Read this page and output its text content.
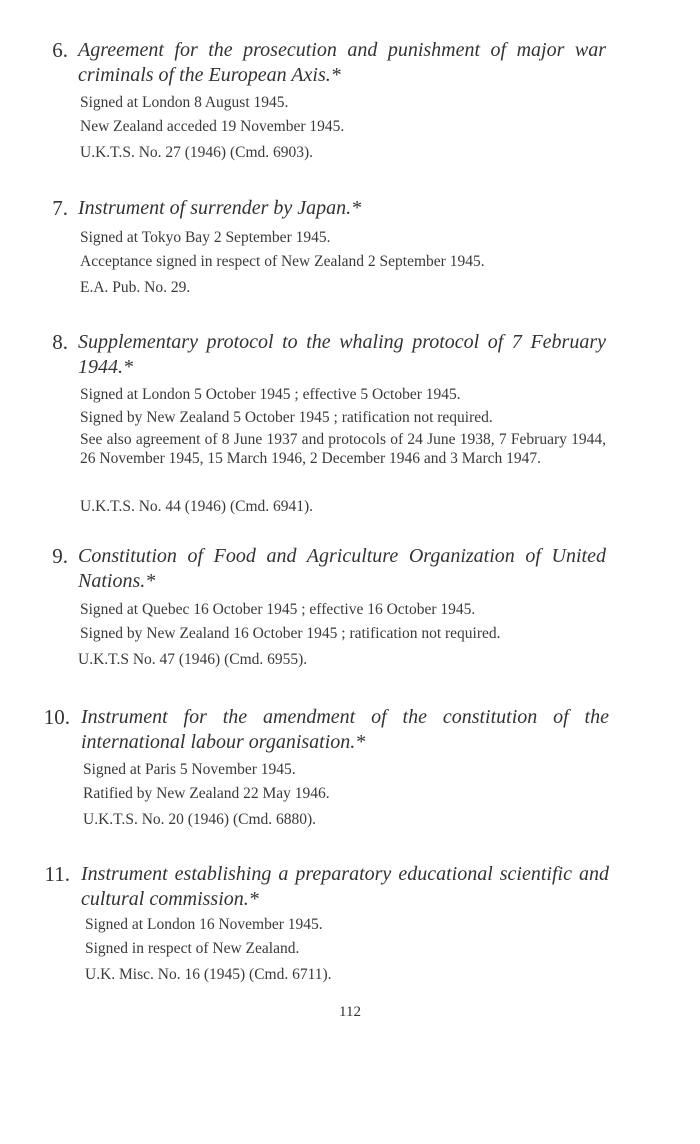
6. Agreement for the prosecution and punishment of major war criminals of the European Axis.*
Signed at London 8 August 1945.
New Zealand acceded 19 November 1945.
U.K.T.S. No. 27 (1946) (Cmd. 6903).
7. Instrument of surrender by Japan.*
Signed at Tokyo Bay 2 September 1945.
Acceptance signed in respect of New Zealand 2 September 1945.
E.A. Pub. No. 29.
8. Supplementary protocol to the whaling protocol of 7 February 1944.*
Signed at London 5 October 1945 ; effective 5 October 1945.
Signed by New Zealand 5 October 1945 ; ratification not required.
See also agreement of 8 June 1937 and protocols of 24 June 1938, 7 February 1944, 26 November 1945, 15 March 1946, 2 December 1946 and 3 March 1947.
U.K.T.S. No. 44 (1946) (Cmd. 6941).
9. Constitution of Food and Agriculture Organization of United Nations.*
Signed at Quebec 16 October 1945 ; effective 16 October 1945.
Signed by New Zealand 16 October 1945 ; ratification not required.
U.K.T.S No. 47 (1946) (Cmd. 6955).
10. Instrument for the amendment of the constitution of the international labour organisation.*
Signed at Paris 5 November 1945.
Ratified by New Zealand 22 May 1946.
U.K.T.S. No. 20 (1946) (Cmd. 6880).
11. Instrument establishing a preparatory educational scientific and cultural commission.*
Signed at London 16 November 1945.
Signed in respect of New Zealand.
U.K. Misc. No. 16 (1945) (Cmd. 6711).
112
